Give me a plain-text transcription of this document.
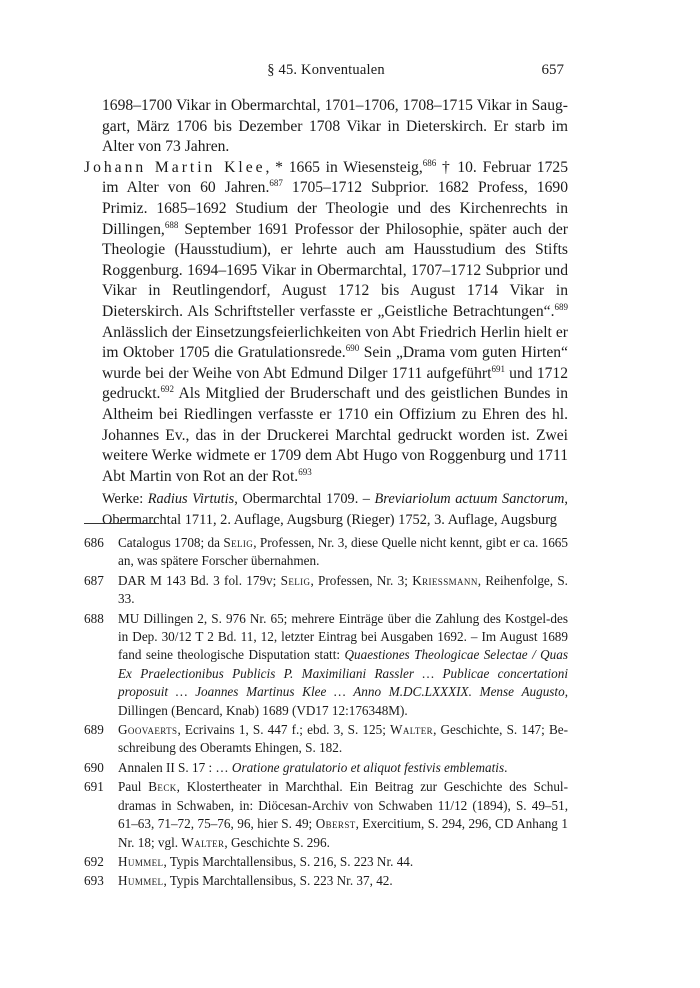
§ 45. Konventualen	657

1698–1700 Vikar in Obermarchtal, 1701–1706, 1708–1715 Vikar in Saug-gart, März 1706 bis Dezember 1708 Vikar in Dieterskirch. Er starb im Alter von 73 Jahren.

Johann Martin Klee, * 1665 in Wiesensteig,$^{686}$ † 10. Februar 1725 im Alter von 60 Jahren.$^{687}$ 1705–1712 Subprior. 1682 Profess, 1690 Primiz. 1685–1692 Studium der Theologie und des Kirchenrechts in Dillingen,$^{688}$ September 1691 Professor der Philosophie, später auch der Theologie (Hausstudium), er lehrte auch am Hausstudium des Stifts Roggenburg. 1694–1695 Vikar in Obermarchtal, 1707–1712 Subprior und Vikar in Reutlingendorf, August 1712 bis August 1714 Vikar in Dieterskirch. Als Schriftsteller verfasste er „Geistliche Betrachtungen“.$^{689}$ Anlässlich der Einsetzungsfeierlichkeiten von Abt Friedrich Herlin hielt er im Oktober 1705 die Gratulationsrede.$^{690}$ Sein „Drama vom guten Hirten“ wurde bei der Weihe von Abt Edmund Dilger 1711 aufgeführt$^{691}$ und 1712 gedruckt.$^{692}$ Als Mitglied der Bruderschaft und des geistlichen Bundes in Altheim bei Riedlingen verfasste er 1710 ein Offizium zu Ehren des hl. Johannes Ev., das in der Druckerei Marchtal gedruckt worden ist. Zwei weitere Werke widmete er 1709 dem Abt Hugo von Roggenburg und 1711 Abt Martin von Rot an der Rot.$^{693}$

Werke: Radius Virtutis, Obermarchtal 1709. – Breviariolum actuum Sanctorum, Obermarchtal 1711, 2. Auflage, Augsburg (Rieger) 1752, 3. Auflage, Augsburg

686	Catalogus 1708; da Selig, Professen, Nr. 3, diese Quelle nicht kennt, gibt er ca. 1665 an, was spätere Forscher übernahmen.
687	DAR M 143 Bd. 3 fol. 179v; Selig, Professen, Nr. 3; Kriessmann, Reihenfolge, S. 33.
688	MU Dillingen 2, S. 976 Nr. 65; mehrere Einträge über die Zahlung des Kostgel-des in Dep. 30/12 T 2 Bd. 11, 12, letzter Eintrag bei Ausgaben 1692. – Im August 1689 fand seine theologische Disputation statt: Quaestiones Theologicae Selectae / Quas Ex Praelectionibus Publicis P. Maximiliani Rassler … Publicae concertationi proposuit … Joannes Martinus Klee … Anno M.DC.LXXXIX. Mense Augusto, Dillingen (Bencard, Knab) 1689 (VD17 12:176348M).
689	Goovaerts, Ecrivains 1, S. 447 f.; ebd. 3, S. 125; Walter, Geschichte, S. 147; Be-schreibung des Oberamts Ehingen, S. 182.
690	Annalen II S. 17 : … Oratione gratulatorio et aliquot festivis emblematis.
691	Paul Beck, Klostertheater in Marchthal. Ein Beitrag zur Geschichte des Schul-dramas in Schwaben, in: Diöcesan-Archiv von Schwaben 11/12 (1894), S. 49–51, 61–63, 71–72, 75–76, 96, hier S. 49; Oberst, Exercitium, S. 294, 296, CD Anhang 1 Nr. 18; vgl. Walter, Geschichte S. 296.
692	Hummel, Typis Marchtallensibus, S. 216, S. 223 Nr. 44.
693	Hummel, Typis Marchtallensibus, S. 223 Nr. 37, 42.
